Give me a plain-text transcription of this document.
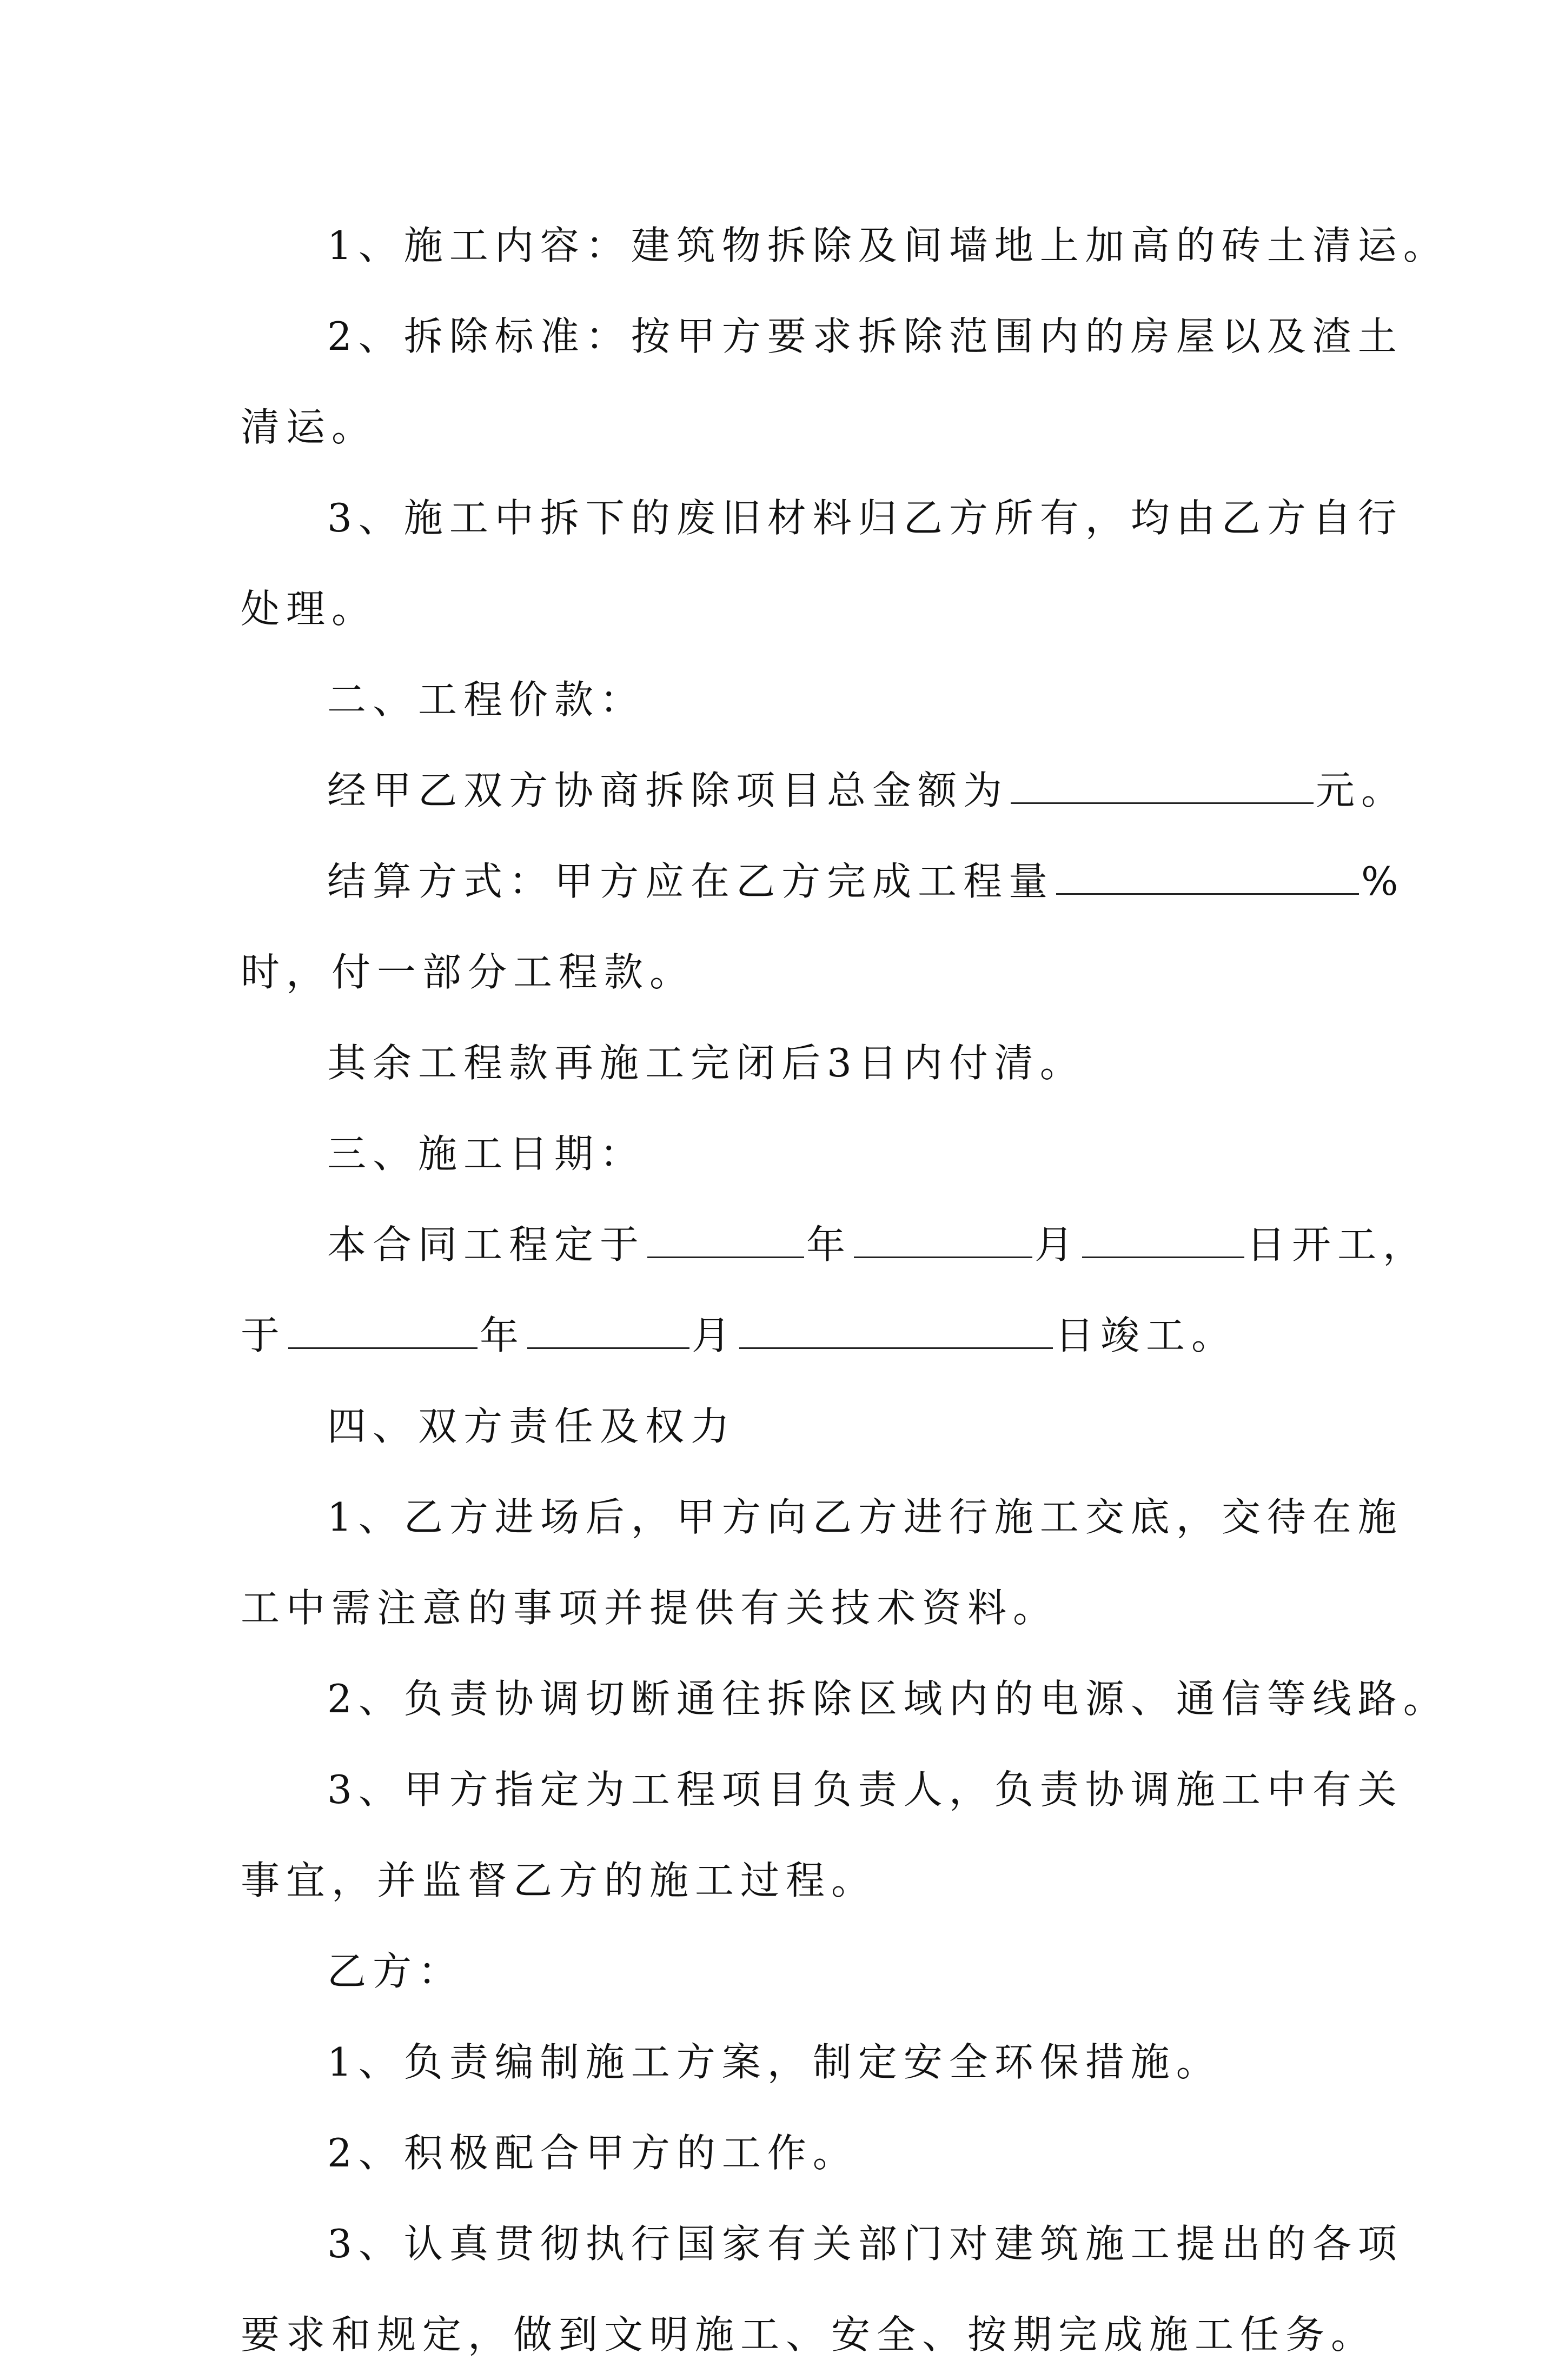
1、施工内容：建筑物拆除及间墙地上加高的砖土清运。

2、拆除标准：按甲方要求拆除范围内的房屋以及渣土

清运。

3、施工中拆下的废旧材料归乙方所有，均由乙方自行

处理。

二、工程价款：

经甲乙双方协商拆除项目总金额为	元。

结算方式：甲方应在乙方完成工程量	%

时，付一部分工程款。

其余工程款再施工完闭后3日内付清。

三、施工日期：

本合同工程定于	年	月	日开工，

于	年	月	日竣工。

四、双方责任及权力

1、乙方进场后，甲方向乙方进行施工交底，交待在施

工中需注意的事项并提供有关技术资料。

2、负责协调切断通往拆除区域内的电源、通信等线路。

3、甲方指定为工程项目负责人，负责协调施工中有关

事宜，并监督乙方的施工过程。

乙方：

1、负责编制施工方案，制定安全环保措施。

2、积极配合甲方的工作。

3、认真贯彻执行国家有关部门对建筑施工提出的各项

要求和规定，做到文明施工、安全、按期完成施工任务。
